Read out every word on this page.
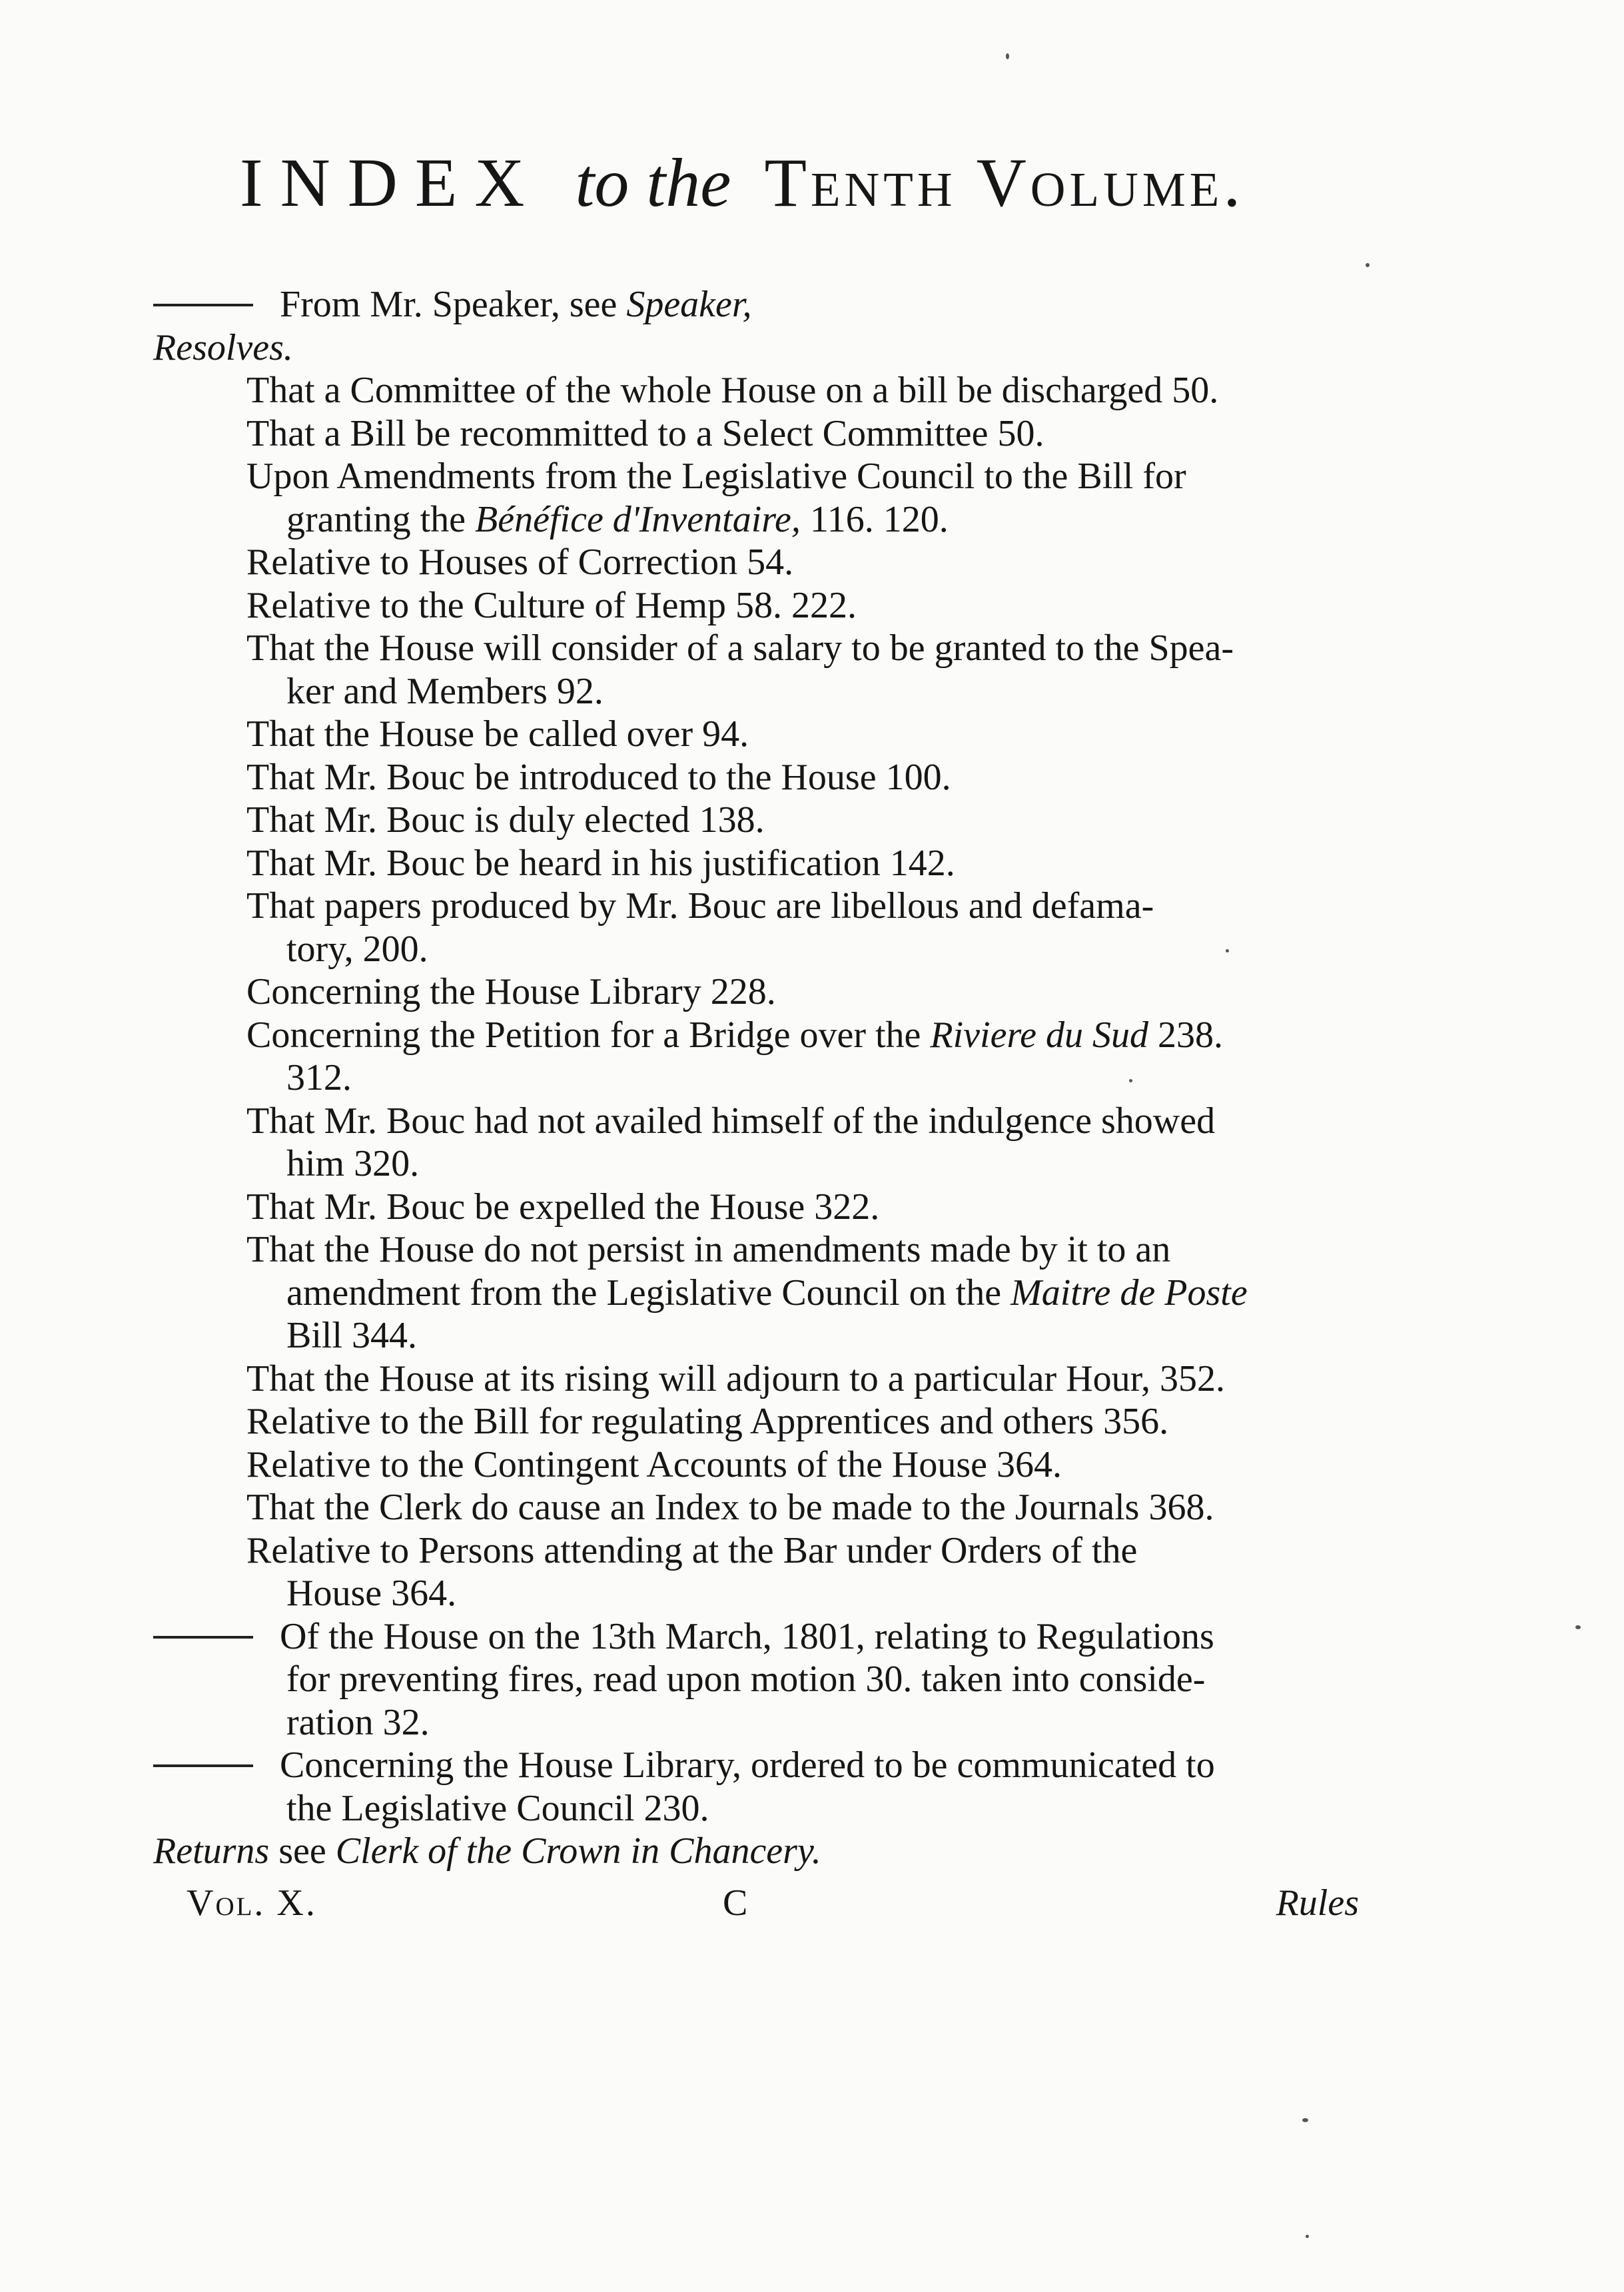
INDEX to the Tenth Volume.
From Mr. Speaker, see Speaker,
Resolves.
That a Committee of the whole House on a bill be discharged 50.
That a Bill be recommitted to a Select Committee 50.
Upon Amendments from the Legislative Council to the Bill for
granting the Bénéfice d'Inventaire, 116. 120.
Relative to Houses of Correction 54.
Relative to the Culture of Hemp 58. 222.
That the House will consider of a salary to be granted to the Spea-
ker and Members 92.
That the House be called over 94.
That Mr. Bouc be introduced to the House 100.
That Mr. Bouc is duly elected 138.
That Mr. Bouc be heard in his justification 142.
That papers produced by Mr. Bouc are libellous and defama-
tory, 200.
Concerning the House Library 228.
Concerning the Petition for a Bridge over the Riviere du Sud 238.
312.
That Mr. Bouc had not availed himself of the indulgence showed
him 320.
That Mr. Bouc be expelled the House 322.
That the House do not persist in amendments made by it to an
amendment from the Legislative Council on the Maitre de Poste
Bill 344.
That the House at its rising will adjourn to a particular Hour, 352.
Relative to the Bill for regulating Apprentices and others 356.
Relative to the Contingent Accounts of the House 364.
That the Clerk do cause an Index to be made to the Journals 368.
Relative to Persons attending at the Bar under Orders of the
House 364.
Of the House on the 13th March, 1801, relating to Regulations
for preventing fires, read upon motion 30. taken into conside-
ration 32.
Concerning the House Library, ordered to be communicated to
the Legislative Council 230.
Returns see Clerk of the Crown in Chancery.
Vol. X.	C	Rules
